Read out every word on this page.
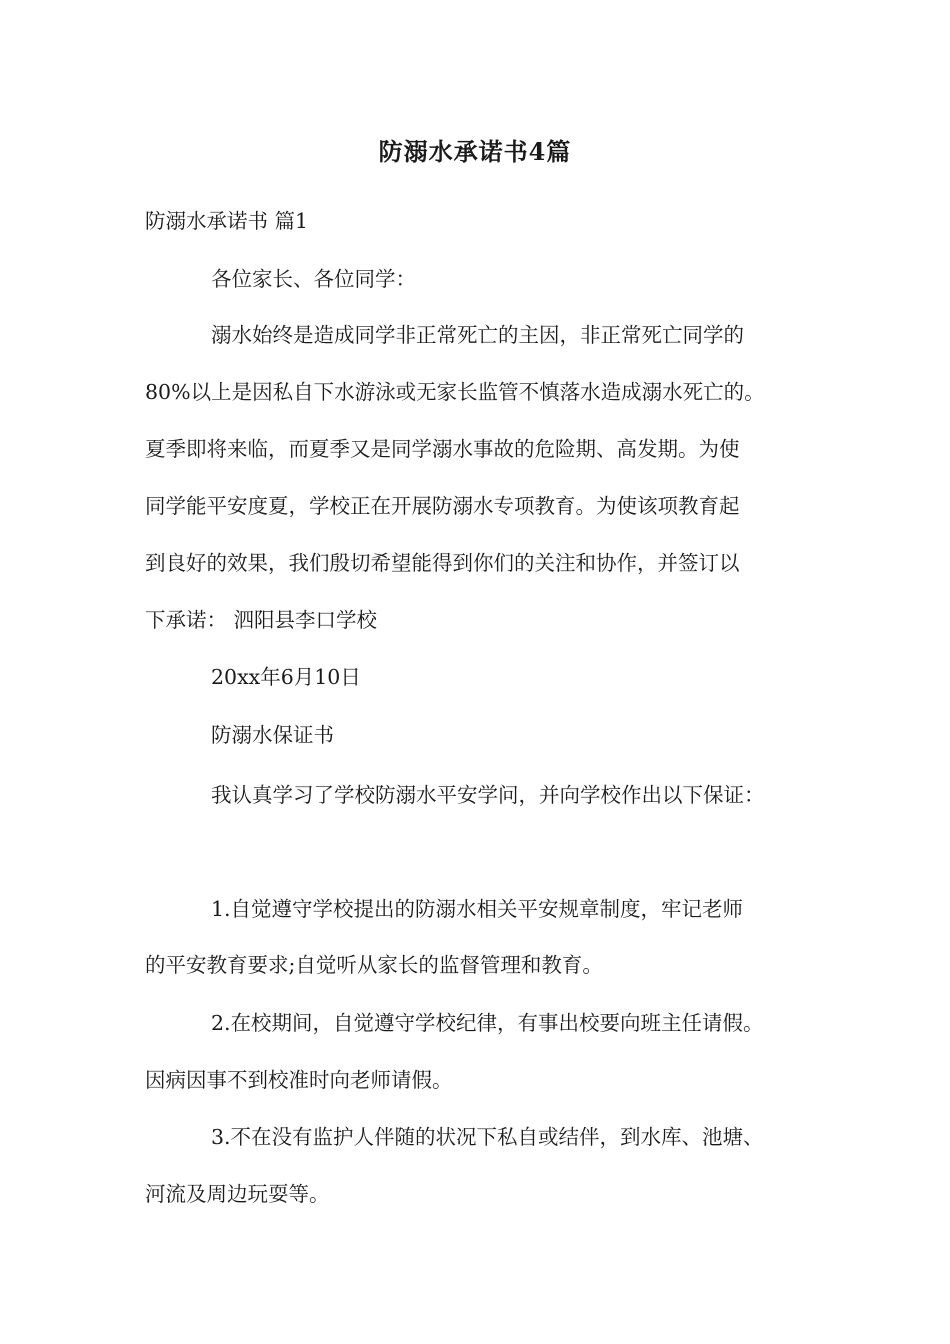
防溺水承诺书4篇
防溺水承诺书 篇1
各位家长、各位同学：
溺水始终是造成同学非正常死亡的主因，非正常死亡同学的
80%以上是因私自下水游泳或无家长监管不慎落水造成溺水死亡的。
夏季即将来临，而夏季又是同学溺水事故的危险期、高发期。为使
同学能平安度夏，学校正在开展防溺水专项教育。为使该项教育起
到良好的效果，我们殷切希望能得到你们的关注和协作，并签订以
下承诺： 泗阳县李口学校
20xx年6月10日
防溺水保证书
我认真学习了学校防溺水平安学问，并向学校作出以下保证：
1.自觉遵守学校提出的防溺水相关平安规章制度，牢记老师
的平安教育要求;自觉听从家长的监督管理和教育。
2.在校期间，自觉遵守学校纪律，有事出校要向班主任请假。
因病因事不到校准时向老师请假。
3.不在没有监护人伴随的状况下私自或结伴，到水库、池塘、
河流及周边玩耍等。
